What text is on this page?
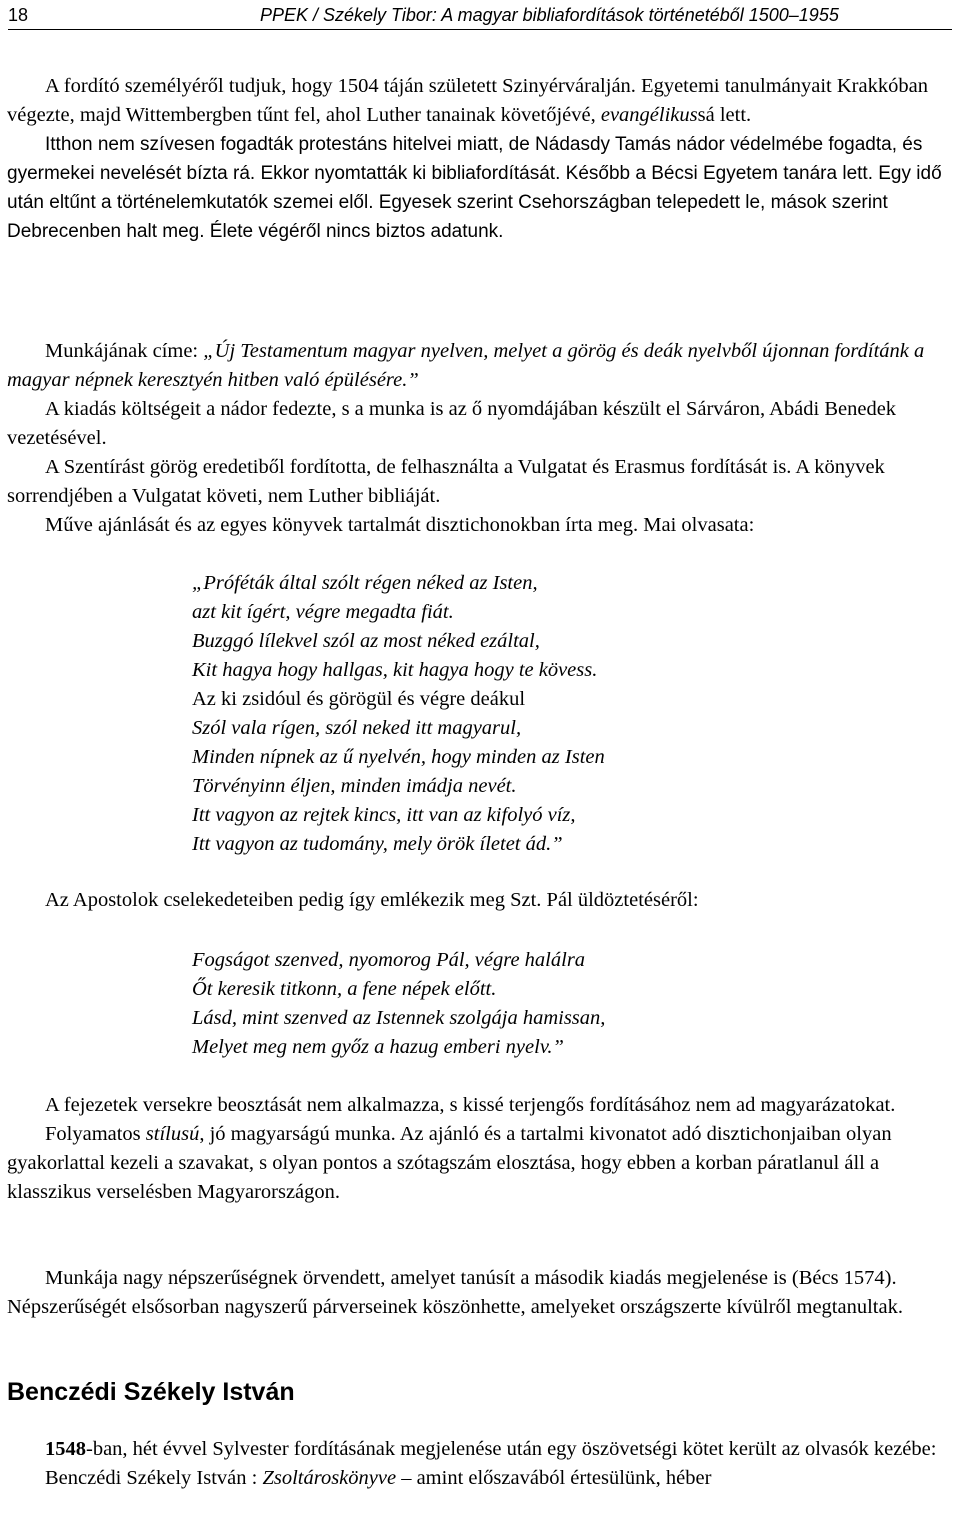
18	PPEK / Székely Tibor: A magyar bibliafordítások történetéből 1500–1955

A fordító személyéről tudjuk, hogy 1504 táján született Szinyérváralján. Egyetemi tanulmányait Krakkóban végezte, majd Wittembergben tűnt fel, ahol Luther tanainak követőjévé, evangélikussá lett.

Itthon nem szívesen fogadták protestáns hitelvei miatt, de Nádasdy Tamás nádor védelmébe fogadta, és gyermekei nevelését bízta rá. Ekkor nyomtatták ki bibliafordítását. Később a Bécsi Egyetem tanára lett. Egy idő után eltűnt a történelemkutatók szemei elől. Egyesek szerint Csehországban telepedett le, mások szerint Debrecenben halt meg. Élete végéről nincs biztos adatunk.

Munkájának címe: „Új Testamentum magyar nyelven, melyet a görög és deák nyelvből újonnan fordítánk a magyar népnek keresztyén hitben való épülésére.”

A kiadás költségeit a nádor fedezte, s a munka is az ő nyomdájában készült el Sárváron, Abádi Benedek vezetésével.

A Szentírást görög eredetiből fordította, de felhasználta a Vulgatat és Erasmus fordítását is. A könyvek sorrendjében a Vulgatat követi, nem Luther bibliáját.

Műve ajánlását és az egyes könyvek tartalmát disztichonokban írta meg. Mai olvasata:

„Próféták által szólt régen néked az Isten,
azt kit ígért, végre megadta fiát.
Buzggó lílekvel szól az most néked ezáltal,
Kit hagya hogy hallgas, kit hagya hogy te kövess.
Az ki zsidóul és görögül és végre deákul
Szól vala rígen, szól neked itt magyarul,
Minden nípnek az ű nyelvén, hogy minden az Isten
Törvényinn éljen, minden imádja nevét.
Itt vagyon az rejtek kincs, itt van az kifolyó víz,
Itt vagyon az tudomány, mely örök íletet ád.”

Az Apostolok cselekedeteiben pedig így emlékezik meg Szt. Pál üldöztetéséről:

Fogságot szenved, nyomorog Pál, végre halálra
Őt keresik titkonn, a fene népek előtt.
Lásd, mint szenved az Istennek szolgája hamissan,
Melyet meg nem győz a hazug emberi nyelv.”

A fejezetek versekre beosztását nem alkalmazza, s kissé terjengős fordításához nem ad magyarázatokat.

Folyamatos stílusú, jó magyarságú munka. Az ajánló és a tartalmi kivonatot adó disztichonjaiban olyan gyakorlattal kezeli a szavakat, s olyan pontos a szótagszám elosztása, hogy ebben a korban páratlanul áll a klasszikus verselésben Magyarországon.

Munkája nagy népszerűségnek örvendett, amelyet tanúsít a második kiadás megjelenése is (Bécs 1574). Népszerűségét elsősorban nagyszerű párverseinek köszönhette, amelyeket országszerte kívülről megtanultak.

Benczédi Székely István

1548-ban, hét évvel Sylvester fordításának megjelenése után egy öszövetségi kötet került az olvasók kezébe:

Benczédi Székely István : Zsoltároskönyve – amint előszavából értesülünk, héber
